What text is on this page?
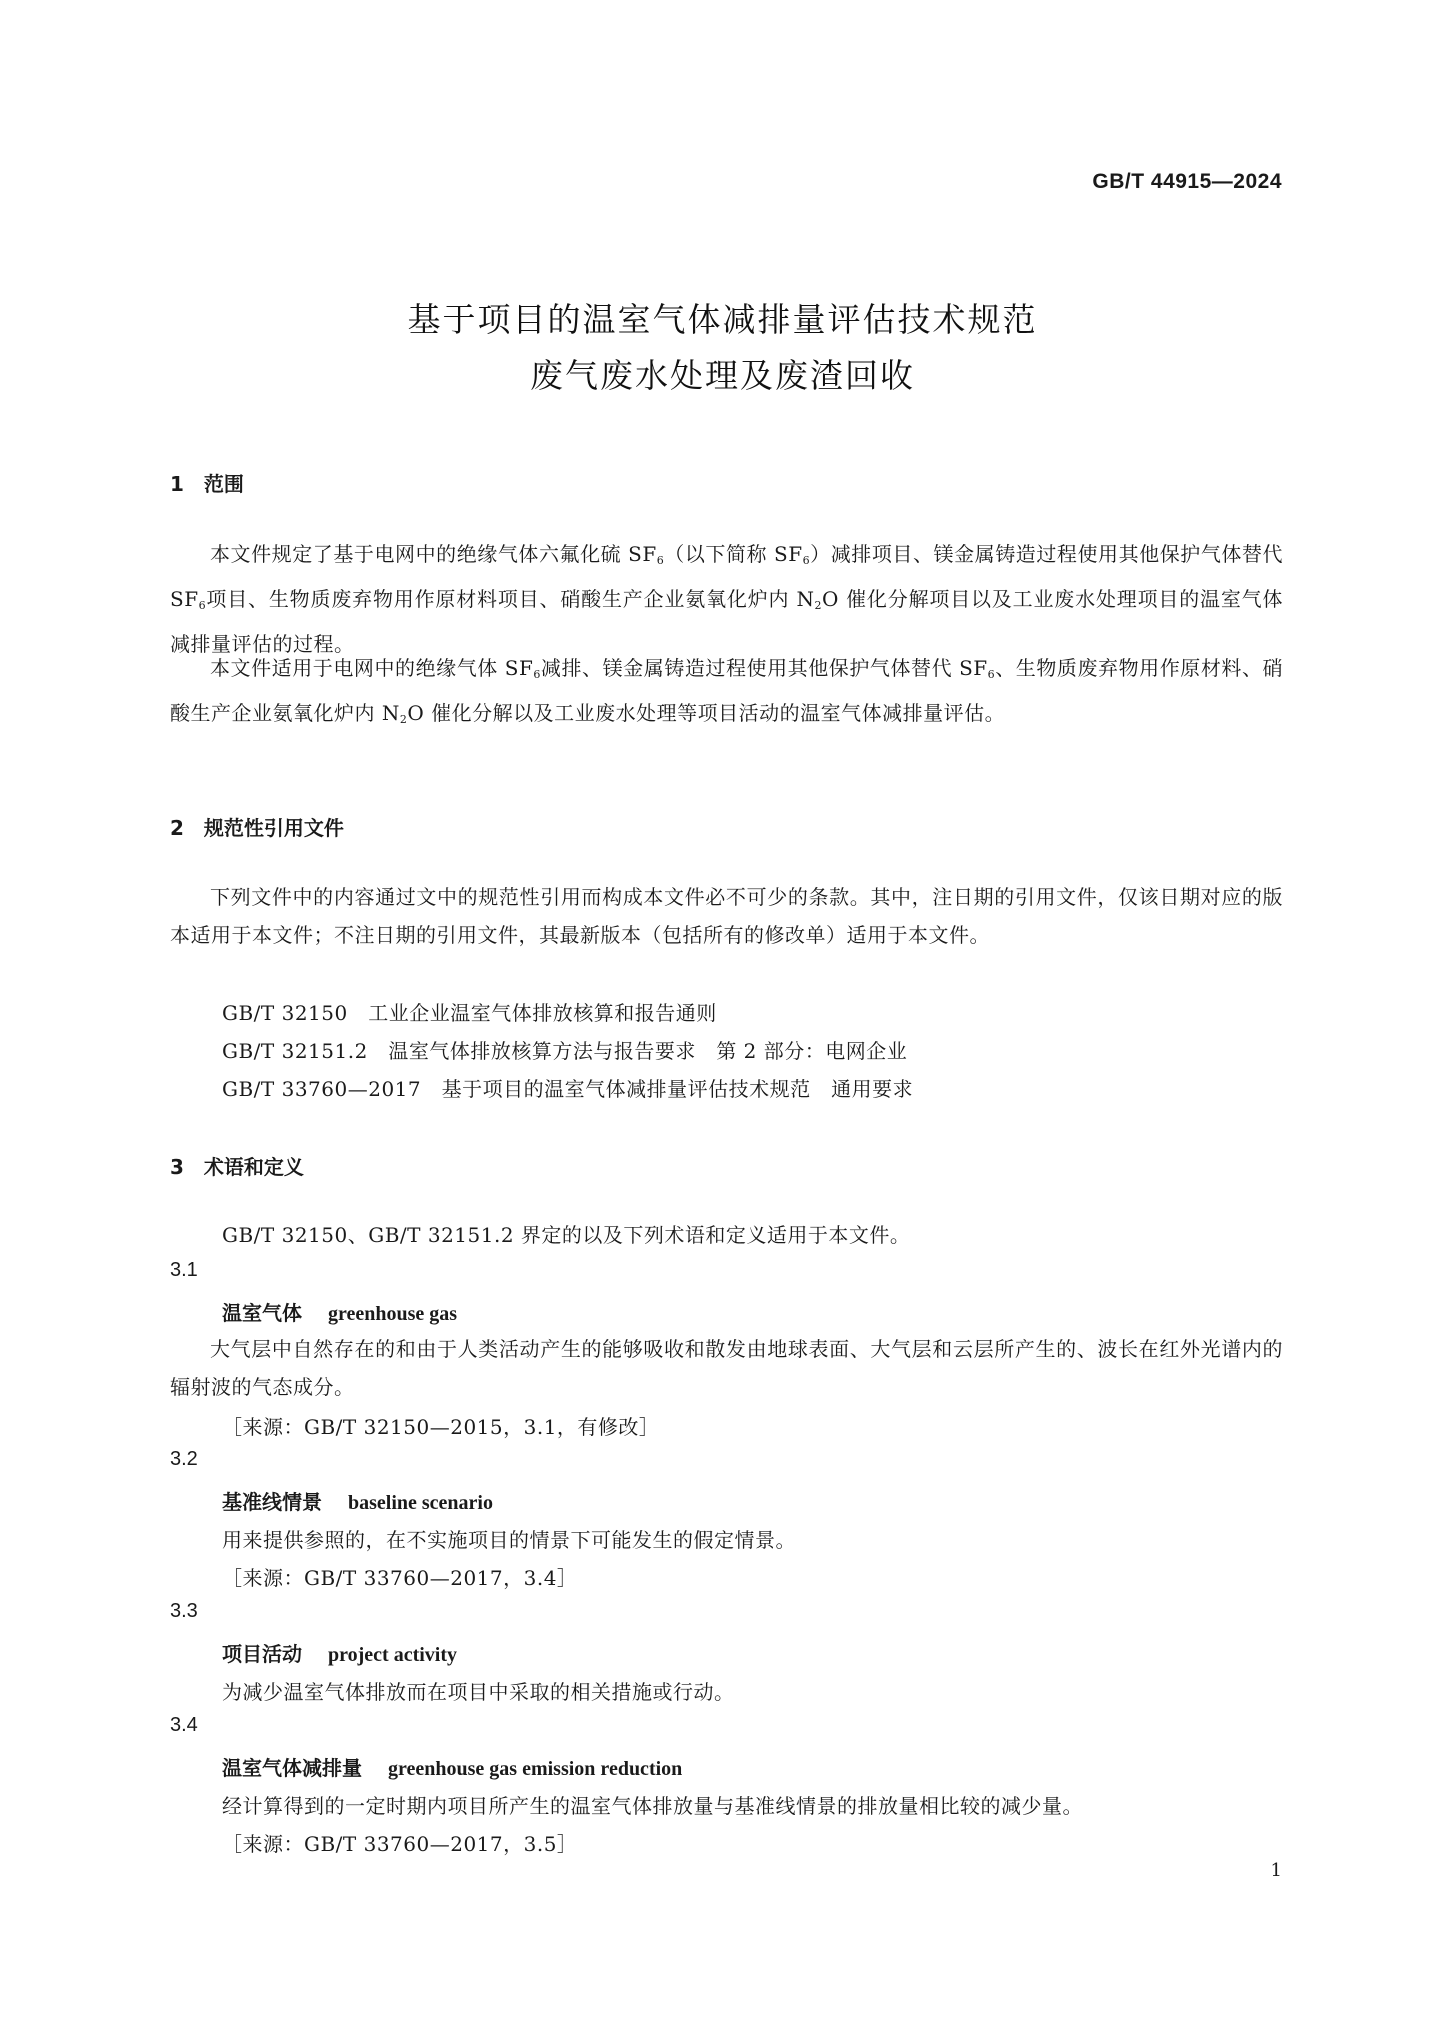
GB/T 44915—2024
基于项目的温室气体减排量评估技术规范
废气废水处理及废渣回收
1　范围

本文件规定了基于电网中的绝缘气体六氟化硫 $SF_6$（以下简称 $SF_6$）减排项目、镁金属铸造过程使用其他保护气体替代 $SF_6$项目、生物质废弃物用作原材料项目、硝酸生产企业氨氧化炉内 $N_2O$ 催化分解项目以及工业废水处理项目的温室气体减排量评估的过程。

本文件适用于电网中的绝缘气体 $SF_6$减排、镁金属铸造过程使用其他保护气体替代 $SF_6$、生物质废弃物用作原材料、硝酸生产企业氨氧化炉内 $N_2O$ 催化分解以及工业废水处理等项目活动的温室气体减排量评估。

2　规范性引用文件

下列文件中的内容通过文中的规范性引用而构成本文件必不可少的条款。其中，注日期的引用文件，仅该日期对应的版本适用于本文件；不注日期的引用文件，其最新版本（包括所有的修改单）适用于本文件。

GB/T 32150　工业企业温室气体排放核算和报告通则
GB/T 32151.2　温室气体排放核算方法与报告要求　第 2 部分：电网企业
GB/T 33760—2017　基于项目的温室气体减排量评估技术规范　通用要求
3　术语和定义
GB/T 32150、GB/T 32151.2 界定的以及下列术语和定义适用于本文件。
3.1
温室气体 greenhouse gas

大气层中自然存在的和由于人类活动产生的能够吸收和散发由地球表面、大气层和云层所产生的、波长在红外光谱内的辐射波的气态成分。

［来源：GB/T 32150—2015，3.1，有修改］
3.2
基准线情景 baseline scenario
用来提供参照的，在不实施项目的情景下可能发生的假定情景。
［来源：GB/T 33760—2017，3.4］
3.3
项目活动 project activity
为减少温室气体排放而在项目中采取的相关措施或行动。
3.4
温室气体减排量 greenhouse gas emission reduction
经计算得到的一定时期内项目所产生的温室气体排放量与基准线情景的排放量相比较的减少量。
［来源：GB/T 33760—2017，3.5］
1
